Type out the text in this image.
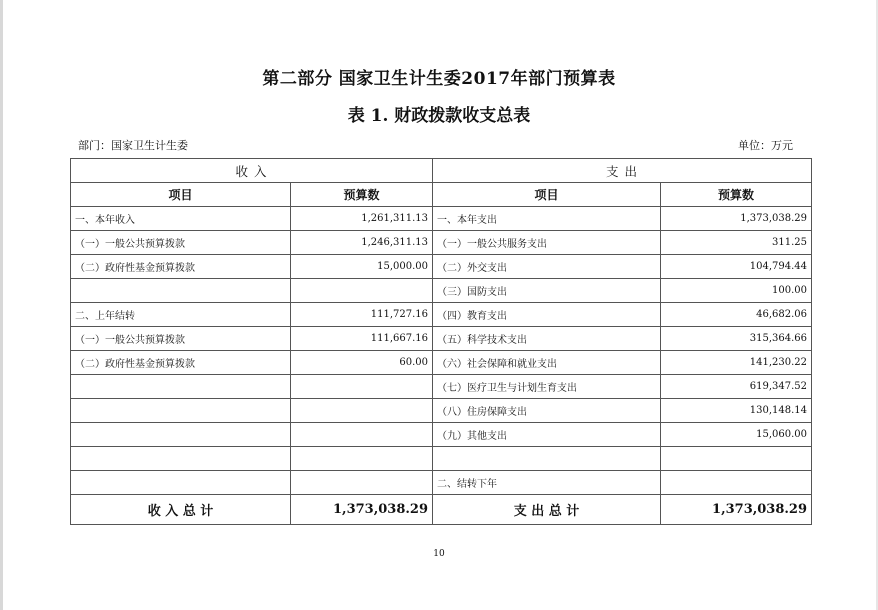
第二部分 国家卫生计生委2017年部门预算表
表 1. 财政拨款收支总表
部门：国家卫生计生委	单位：万元
收 入		支 出	
项目	预算数	项目	预算数
一、本年收入	1,261,311.13	一、本年支出	1,373,038.29
（一）一般公共预算拨款	1,246,311.13	（一）一般公共服务支出	311.25
（二）政府性基金预算拨款	15,000.00	（二）外交支出	104,794.44
		（三）国防支出	100.00
二、上年结转	111,727.16	（四）教育支出	46,682.06
（一）一般公共预算拨款	111,667.16	（五）科学技术支出	315,364.66
（二）政府性基金预算拨款	60.00	（六）社会保障和就业支出	141,230.22
		（七）医疗卫生与计划生育支出	619,347.52
		（八）住房保障支出	130,148.14
		（九）其他支出	15,060.00

		二、结转下年	
收 入 总 计	1,373,038.29	支 出 总 计	1,373,038.29
10
